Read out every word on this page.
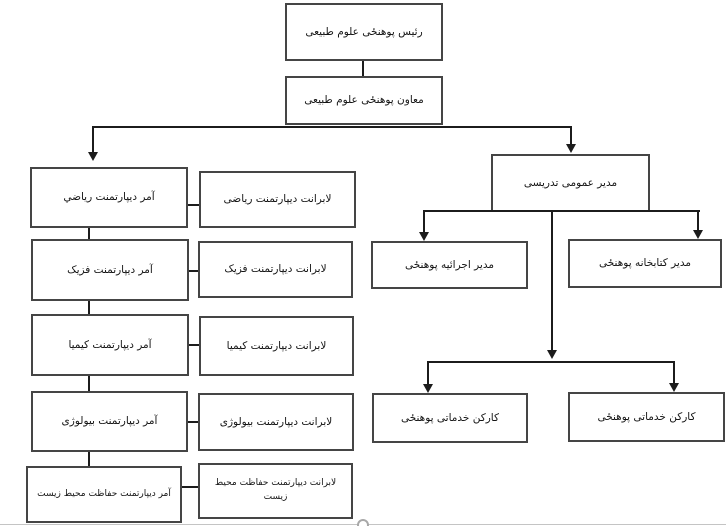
رئیس پوهنځی علوم طبیعی
معاون پوهنځی علوم طبیعی
آمر دیپارتمنت ریاضي	لابرانت دیپارتمنت ریاضی
آمر دیپارتمنت فزیک	لابرانت دیپارتمنت فزیک
آمر دیپارتمنت کیمیا	لابرانت دیپارتمنت کیمیا
آمر دیپارتمنت بیولوژی	لابرانت دیپارتمنت بیولوژی
آمر دیپارتمنت حفاظت محیط زیست
لابرانت دیپارتمنت حفاظت محیط زیست
مدیر عمومی تدریسی
مدیر اجرائیه پوهنځی	مدیر کتابخانه پوهنځی
کارکن خدماتی پوهنځی	کارکن خدماتی پوهنځی
